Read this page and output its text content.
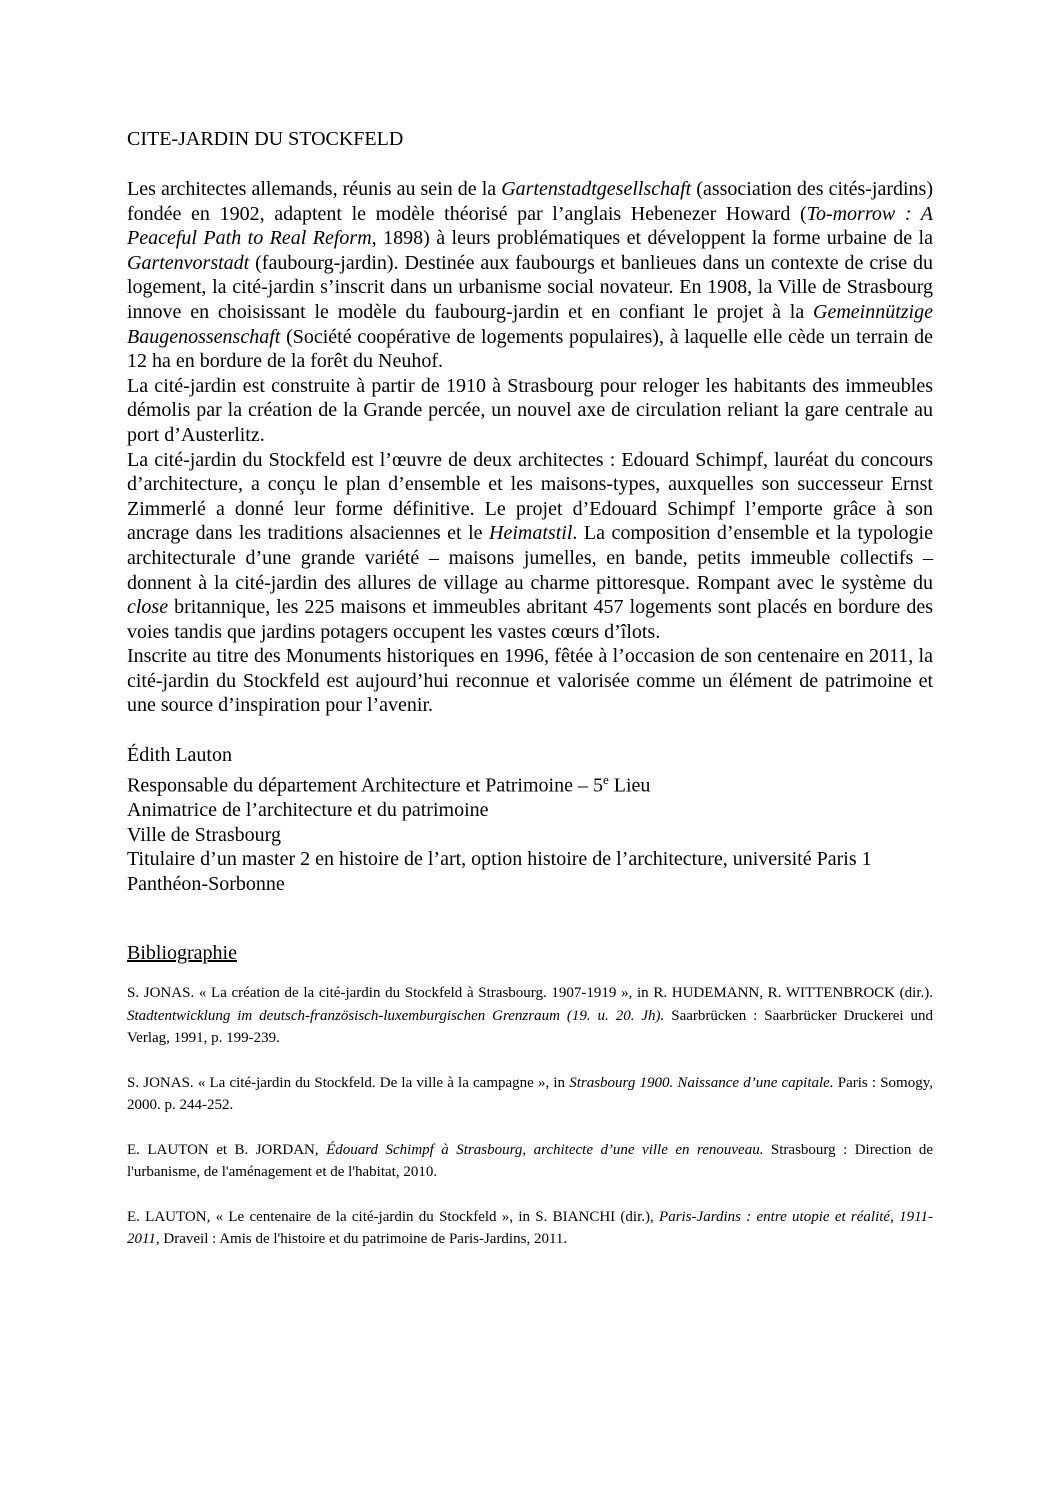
CITE-JARDIN DU STOCKFELD

Les architectes allemands, réunis au sein de la Gartenstadtgesellschaft (association des cités-jardins) fondée en 1902, adaptent le modèle théorisé par l’anglais Hebenezer Howard (To-morrow : A Peaceful Path to Real Reform, 1898) à leurs problématiques et développent la forme urbaine de la Gartenvorstadt (faubourg-jardin). Destinée aux faubourgs et banlieues dans un contexte de crise du logement, la cité-jardin s’inscrit dans un urbanisme social novateur. En 1908, la Ville de Strasbourg innove en choisissant le modèle du faubourg-jardin et en confiant le projet à la Gemeinnützige Baugenossenschaft (Société coopérative de logements populaires), à laquelle elle cède un terrain de 12 ha en bordure de la forêt du Neuhof.

La cité-jardin est construite à partir de 1910 à Strasbourg pour reloger les habitants des immeubles démolis par la création de la Grande percée, un nouvel axe de circulation reliant la gare centrale au port d’Austerlitz.

La cité-jardin du Stockfeld est l’œuvre de deux architectes : Edouard Schimpf, lauréat du concours d’architecture, a conçu le plan d’ensemble et les maisons-types, auxquelles son successeur Ernst Zimmerlé a donné leur forme définitive. Le projet d’Edouard Schimpf l’emporte grâce à son ancrage dans les traditions alsaciennes et le Heimatstil. La composition d’ensemble et la typologie architecturale d’une grande variété – maisons jumelles, en bande, petits immeuble collectifs – donnent à la cité-jardin des allures de village au charme pittoresque. Rompant avec le système du close britannique, les 225 maisons et immeubles abritant 457 logements sont placés en bordure des voies tandis que jardins potagers occupent les vastes cœurs d’îlots.

Inscrite au titre des Monuments historiques en 1996, fêtée à l’occasion de son centenaire en 2011, la cité-jardin du Stockfeld est aujourd’hui reconnue et valorisée comme un élément de patrimoine et une source d’inspiration pour l’avenir.

Édith Lauton
Responsable du département Architecture et Patrimoine – 5e Lieu
Animatrice de l’architecture et du patrimoine
Ville de Strasbourg
Titulaire d’un master 2 en histoire de l’art, option histoire de l’architecture, université Paris 1
Panthéon-Sorbonne
Bibliographie

S. JONAS. « La création de la cité-jardin du Stockfeld à Strasbourg. 1907-1919 », in R. HUDEMANN, R. WITTENBROCK (dir.). Stadtentwicklung im deutsch-französisch-luxemburgischen Grenzraum (19. u. 20. Jh). Saarbrücken : Saarbrücker Druckerei und Verlag, 1991, p. 199-239.

S. JONAS. « La cité-jardin du Stockfeld. De la ville à la campagne », in Strasbourg 1900. Naissance d’une capitale. Paris : Somogy, 2000. p. 244-252.

E. LAUTON et B. JORDAN, Édouard Schimpf à Strasbourg, architecte d’une ville en renouveau. Strasbourg : Direction de l'urbanisme, de l'aménagement et de l'habitat, 2010.

E. LAUTON, « Le centenaire de la cité-jardin du Stockfeld », in S. BIANCHI (dir.), Paris-Jardins : entre utopie et réalité, 1911-2011, Draveil : Amis de l'histoire et du patrimoine de Paris-Jardins, 2011.
